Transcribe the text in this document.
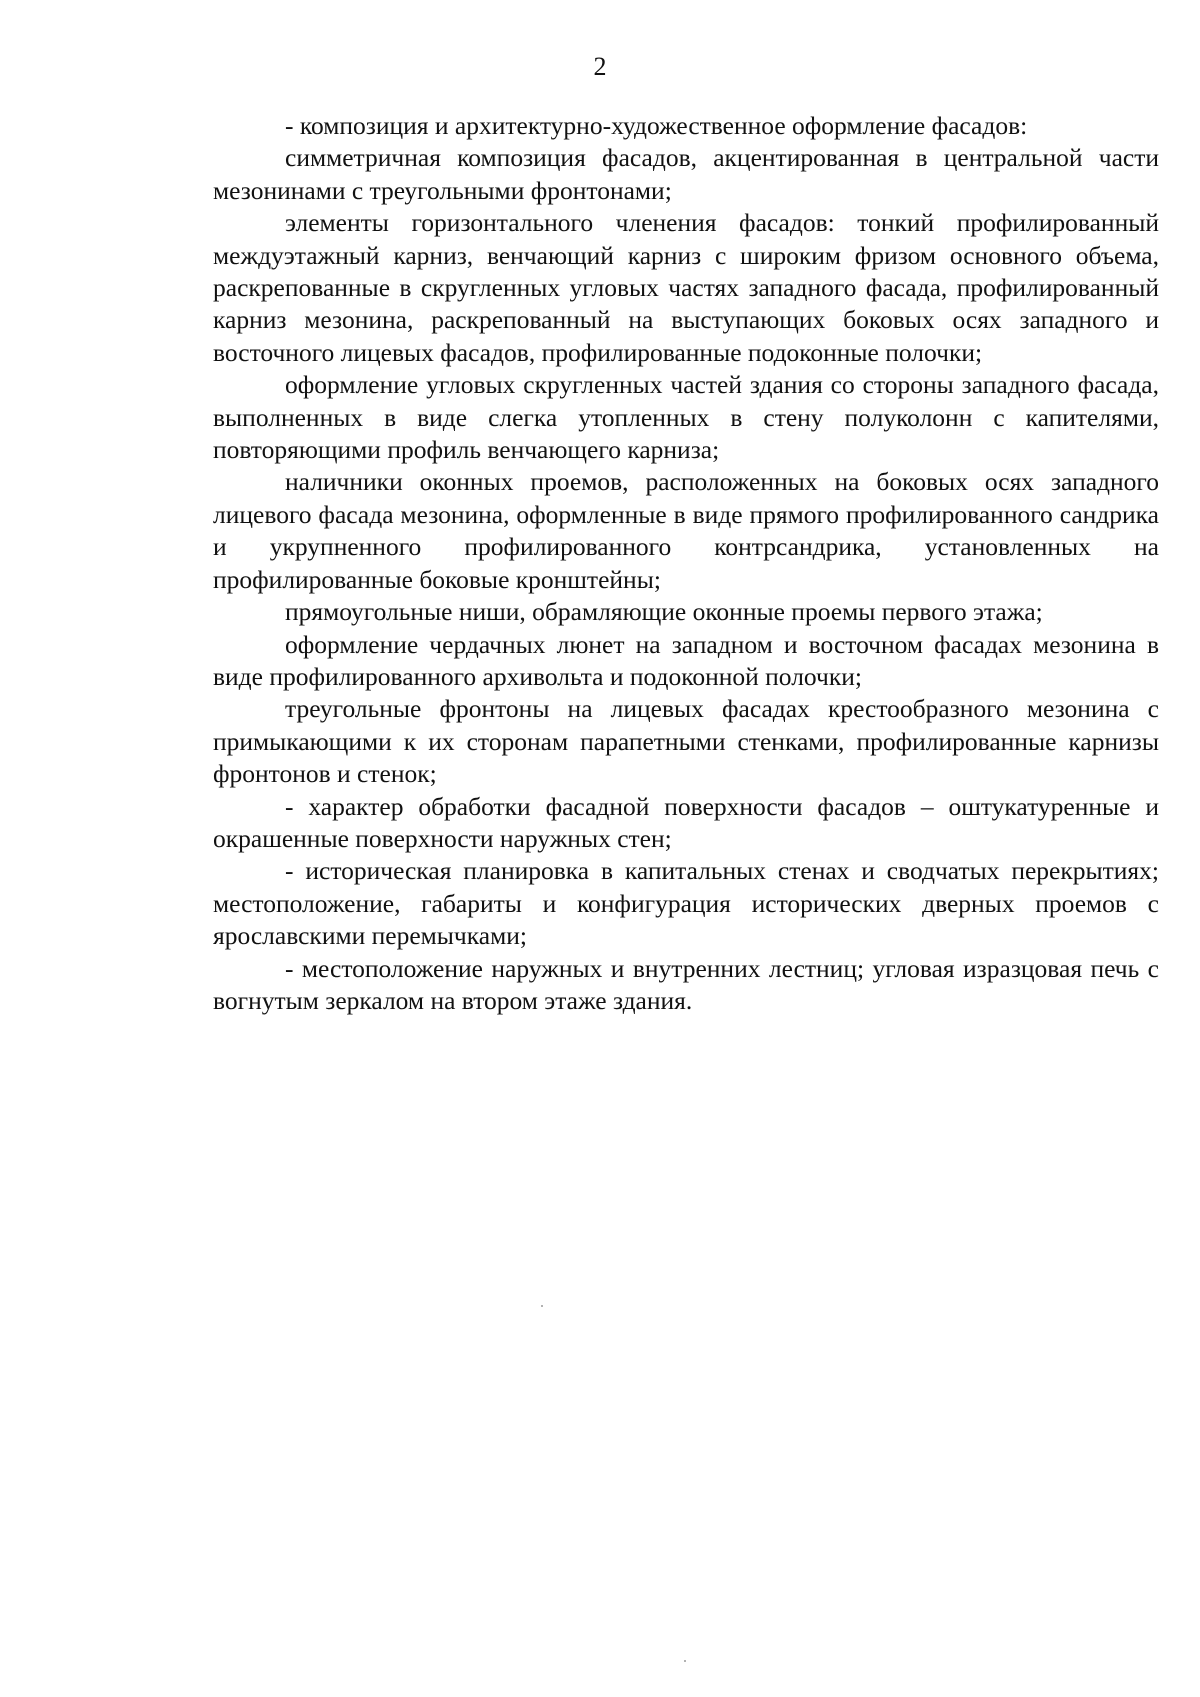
2

- композиция и архитектурно-художественное оформление фасадов:

симметричная композиция фасадов, акцентированная в центральной части мезонинами с треугольными фронтонами;

элементы горизонтального членения фасадов: тонкий профилированный междуэтажный карниз, венчающий карниз с широким фризом основного объема, раскрепованные в скругленных угловых частях западного фасада, профилированный карниз мезонина, раскрепованный на выступающих боковых осях западного и восточного лицевых фасадов, профилированные подоконные полочки;

оформление угловых скругленных частей здания со стороны западного фасада, выполненных в виде слегка утопленных в стену полуколонн с капителями, повторяющими профиль венчающего карниза;

наличники оконных проемов, расположенных на боковых осях западного лицевого фасада мезонина, оформленные в виде прямого профилированного сандрика и укрупненного профилированного контрсандрика, установленных на профилированные боковые кронштейны;

прямоугольные ниши, обрамляющие оконные проемы первого этажа;

оформление чердачных люнет на западном и восточном фасадах мезонина в виде профилированного архивольта и подоконной полочки;

треугольные фронтоны на лицевых фасадах крестообразного мезонина с примыкающими к их сторонам парапетными стенками, профилированные карнизы фронтонов и стенок;

- характер обработки фасадной поверхности фасадов – оштукатуренные и окрашенные поверхности наружных стен;

- историческая планировка в капитальных стенах и сводчатых перекрытиях; местоположение, габариты и конфигурация исторических дверных проемов с ярославскими перемычками;

- местоположение наружных и внутренних лестниц; угловая изразцовая печь с вогнутым зеркалом на втором этаже здания.
